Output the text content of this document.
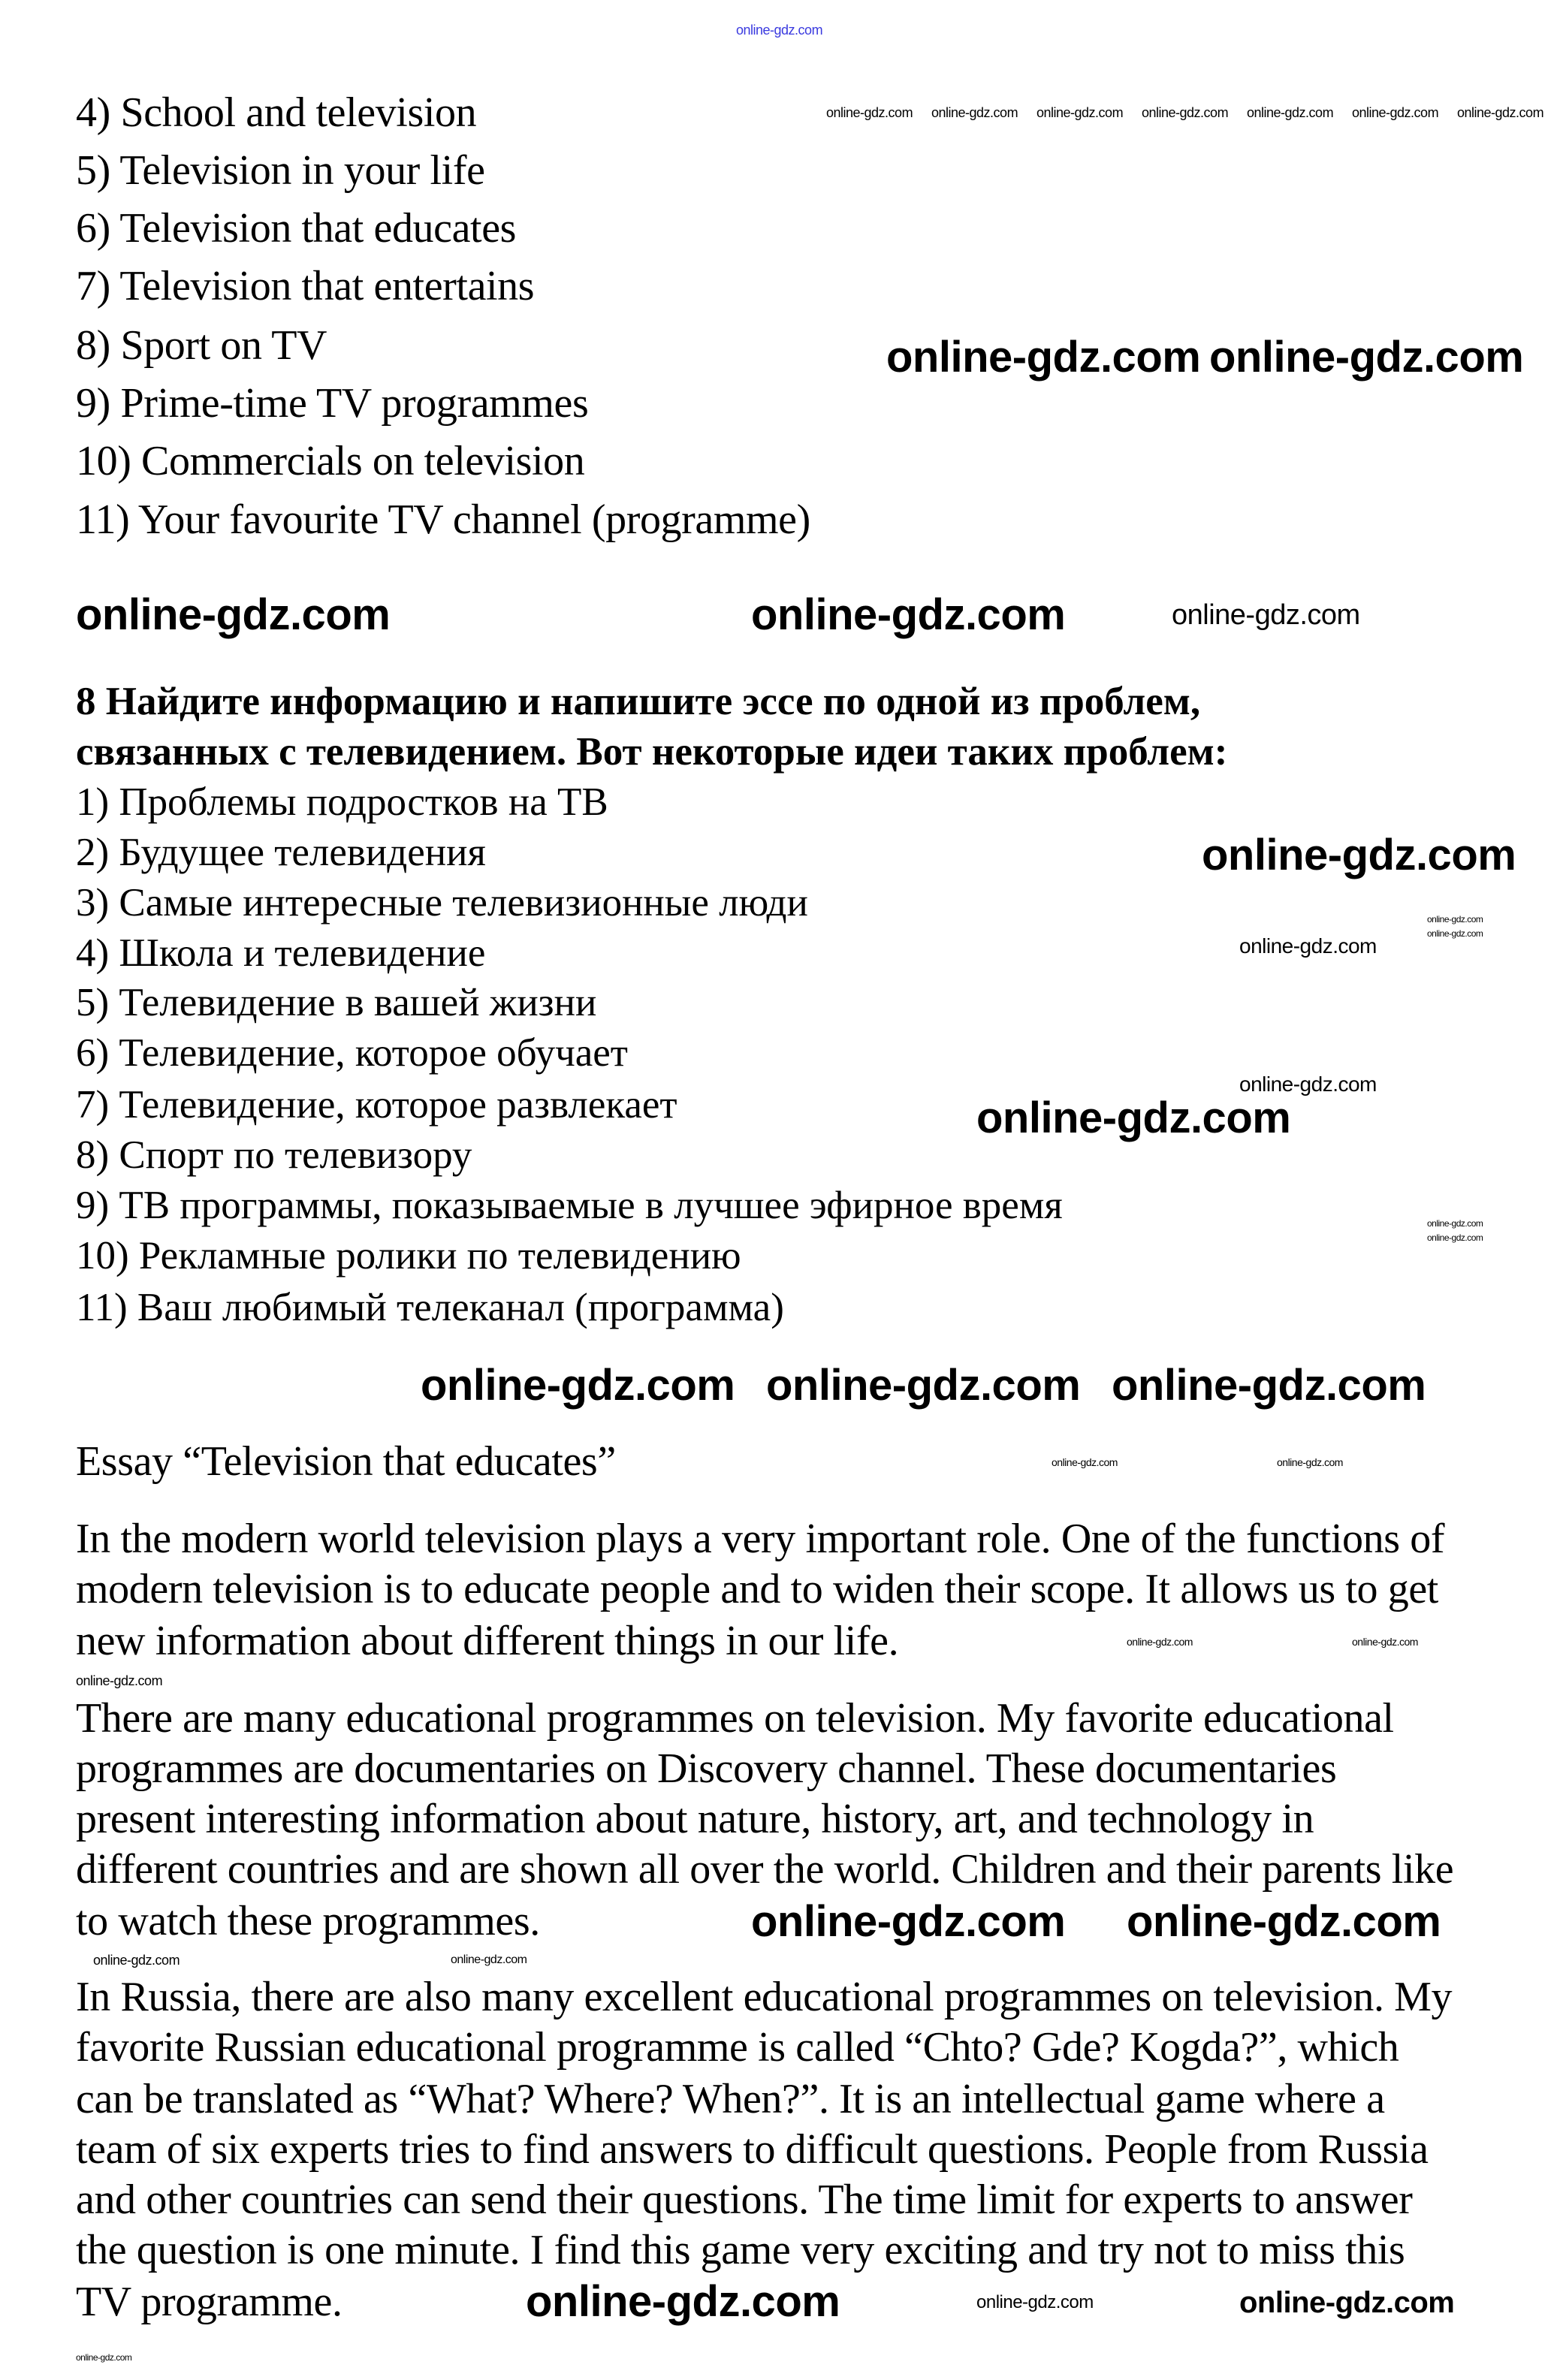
4) School and television
5) Television in your life
6) Television that educates
7) Television that entertains
8) Sport on TV
9) Prime-time TV programmes
10) Commercials on television
11) Your favourite TV channel (programme)
8 Найдите информацию и напишите эссе по одной из проблем,
связанных с телевидением. Вот некоторые идеи таких проблем:
1) Проблемы подростков на ТВ
2) Будущее телевидения
3) Самые интересные телевизионные люди
4) Школа и телевидение
5) Телевидение в вашей жизни
6) Телевидение, которое обучает
7) Телевидение, которое развлекает
8) Спорт по телевизору
9) ТВ программы, показываемые в лучшее эфирное время
10) Рекламные ролики по телевидению
11) Ваш любимый телеканал (программа)
Essay “Television that educates”
In the modern world television plays a very important role. One of the functions of
modern television is to educate people and to widen their scope. It allows us to get
new information about different things in our life.
There are many educational programmes on television. My favorite educational
programmes are documentaries on Discovery channel. These documentaries
present interesting information about nature, history, art, and technology in
different countries and are shown all over the world. Children and their parents like
to watch these programmes.
In Russia, there are also many excellent educational programmes on television. My
favorite Russian educational programme is called “Chto? Gde? Kogda?”, which
can be translated as “What? Where? When?”. It is an intellectual game where a
team of six experts tries to find answers to difficult questions. People from Russia
and other countries can send their questions. The time limit for experts to answer
the question is one minute. I find this game very exciting and try not to miss this
TV programme.
online-gdz.com
online-gdz.com online-gdz.com online-gdz.com online-gdz.com online-gdz.com online-gdz.com online-gdz.com
online-gdz.com online-gdz.com
online-gdz.com
online-gdz.com	online-gdz.com
online-gdz.com
online-gdz.com
online-gdz.com
online-gdz.com
online-gdz.com
online-gdz.com
online-gdz.com
online-gdz.com
online-gdz.com online-gdz.com online-gdz.com
online-gdz.com	online-gdz.com
online-gdz.com	online-gdz.com
online-gdz.com
online-gdz.com
online-gdz.com
online-gdz.com
online-gdz.com
online-gdz.com
online-gdz.com	online-gdz.com
online-gdz.com
